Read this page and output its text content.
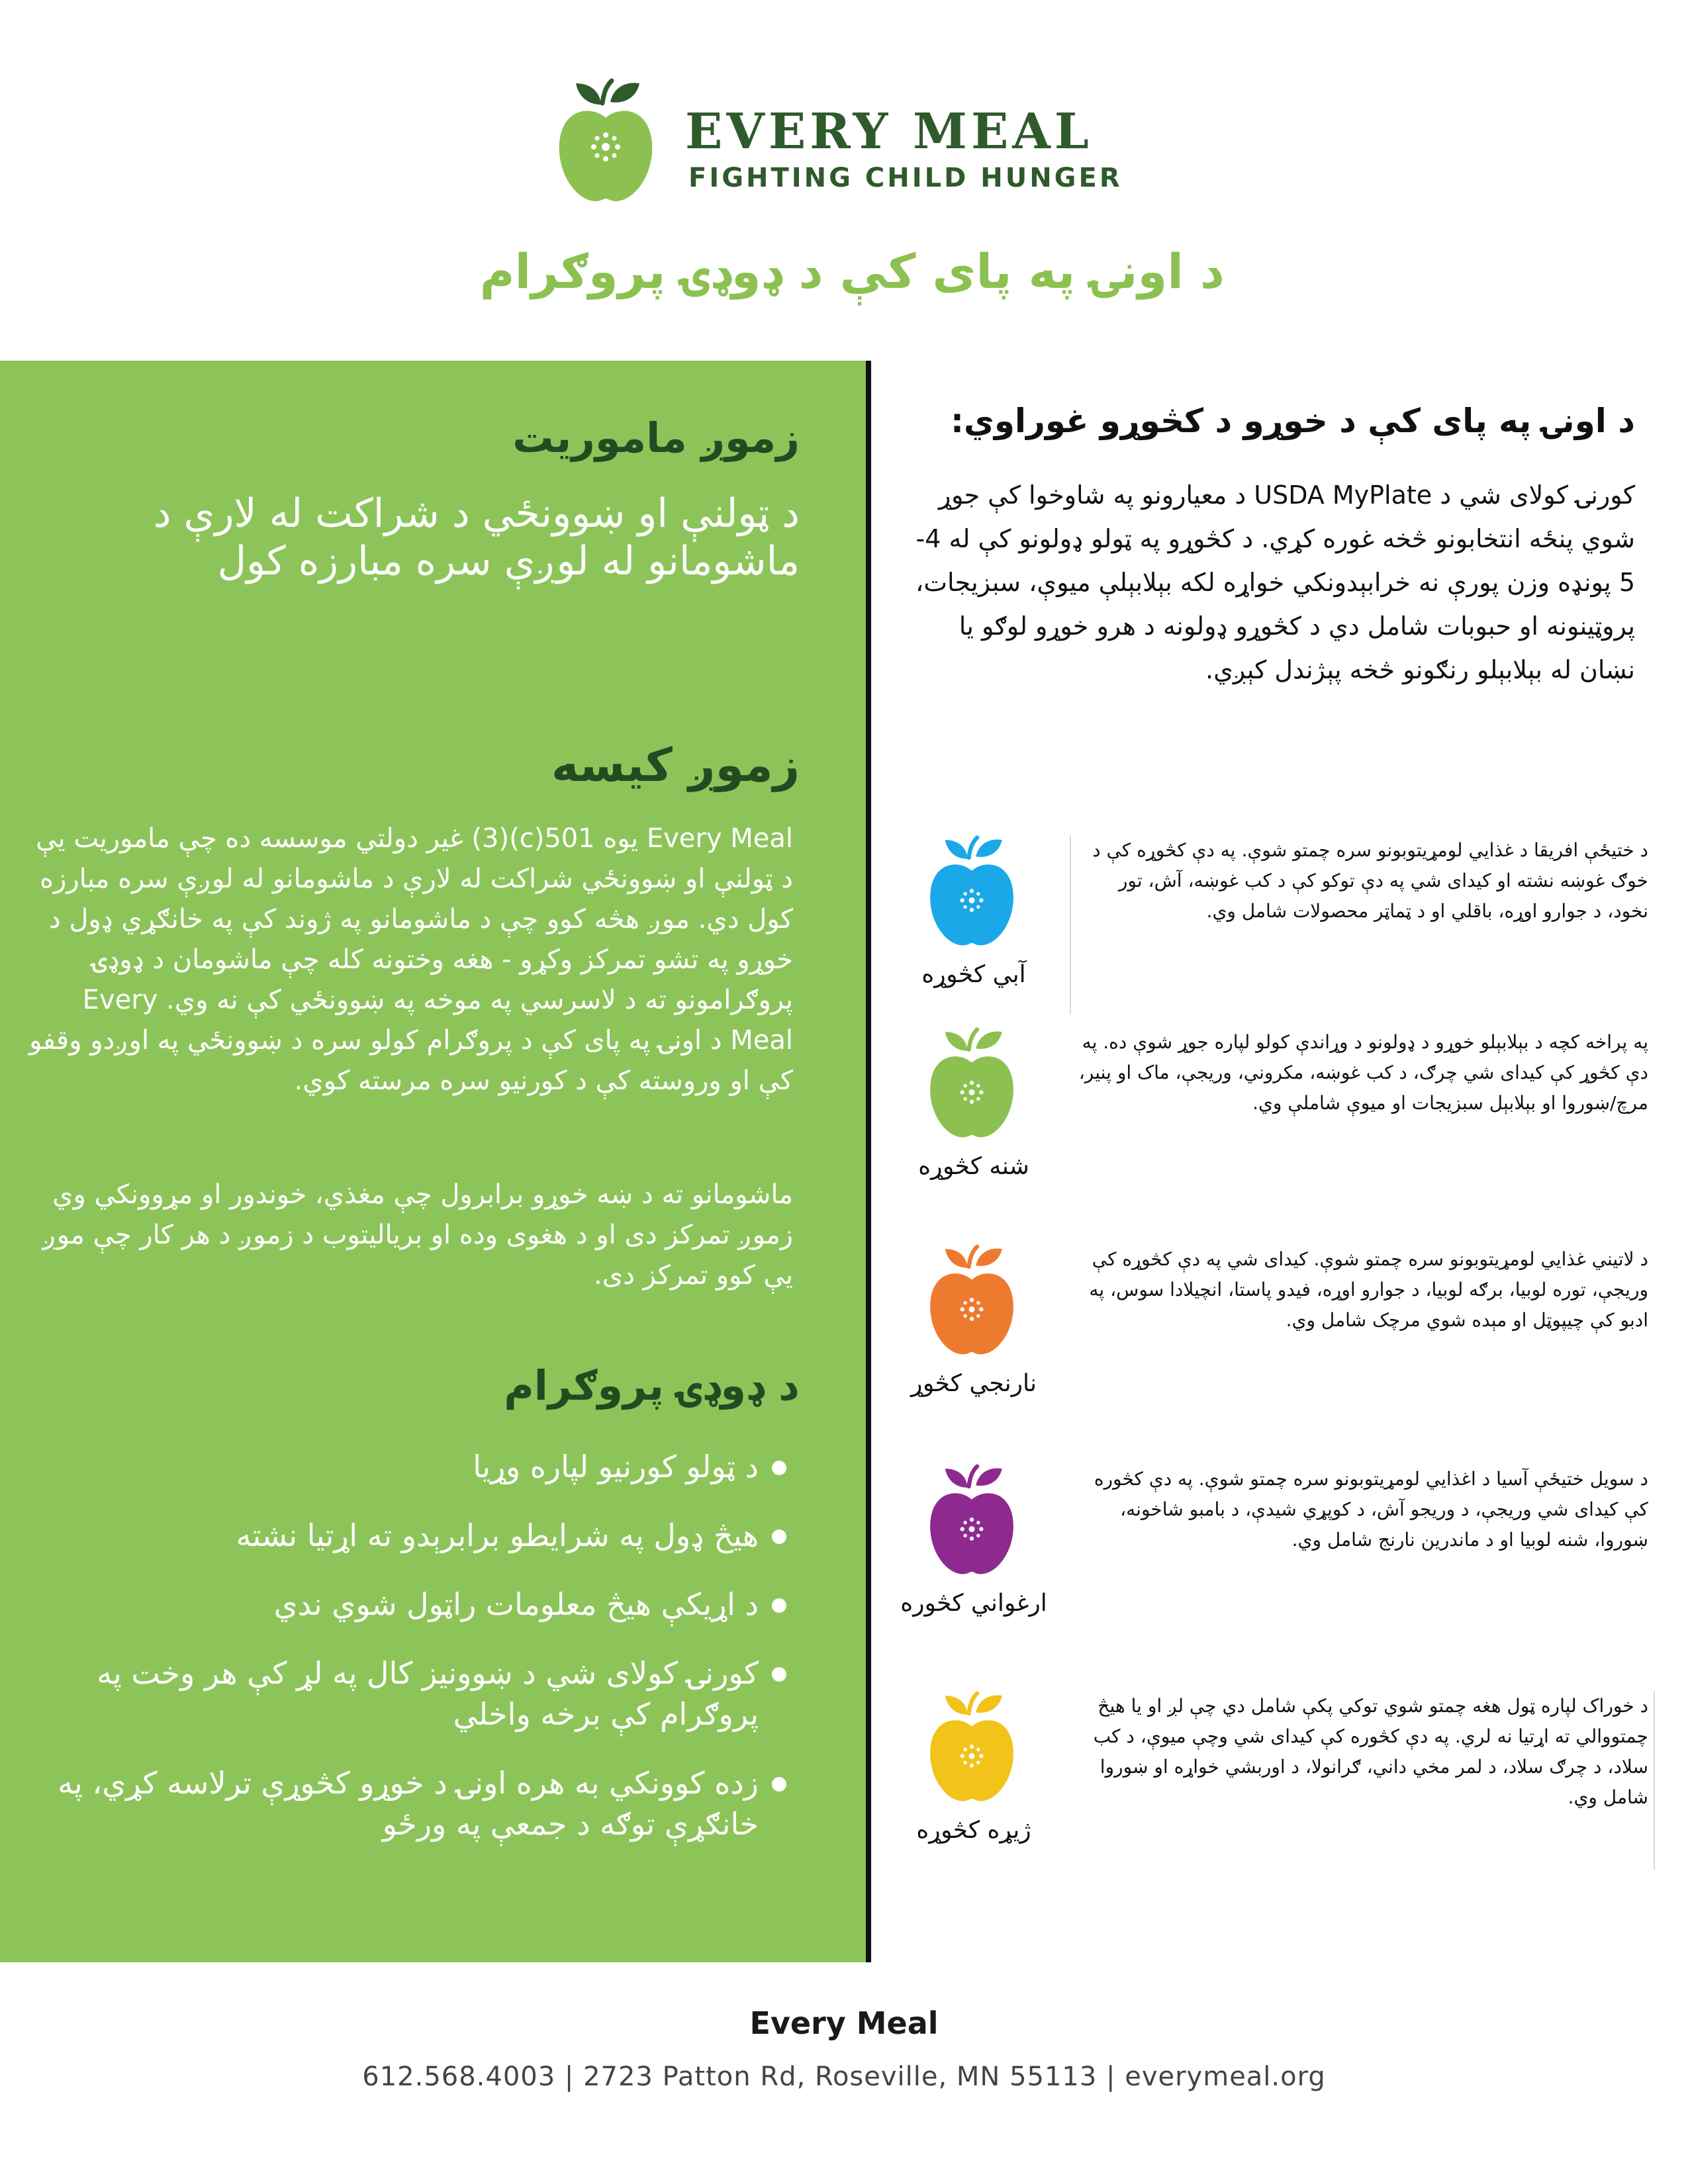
EVERY MEAL
FIGHTING CHILD HUNGER
د اونۍ په پای کې د ډوډۍ پروګرام
زموږ ماموریت
د ټولنې او ښوونځي د شراکت له لارې د ماشومانو له لوږې سره مبارزه کول
زموږ کیسه
Every Meal یوه 501(c)(3) غیر دولتي موسسه ده چې ماموریت یې د ټولنې او ښوونځي شراکت له لارې د ماشومانو له لوږې سره مبارزه کول دي. موږ هڅه کوو چې د ماشومانو په ژوند کې په خانګړي ډول د خوړو په تشو تمرکز وکړو - هغه وختونه کله چې ماشومان د ډوډۍ پروګرامونو ته د لاسرسي په موخه په ښوونځي کې نه وي. Every Meal د اونۍ په پای کې د پروګرام کولو سره د ښوونځي په اوږدو وقفو کې او وروسته کې د کورنیو سره مرسته کوي.
ماشومانو ته د ښه خوړو برابرول چې مغذي، خوندور او مړوونکي وي زموږ تمرکز دی او د هغوی وده او بریالیتوب د زموږ د هر کار چې موږ یې کوو تمرکز دی.
د ډوډۍ پروګرام
د ټولو کورنیو لپاره وړیا
هیڅ ډول په شرایطو برابرېدو ته اړتیا نشته
د اړیکې هیڅ معلومات راټول شوي ندي
کورنۍ کولای شي د ښوونیز کال په لړ کې هر وخت په پروګرام کې برخه واخلي
زده کوونکي به هره اونۍ د خوړو کڅوړې ترلاسه کړي، په خانګړې توګه د جمعې په ورځو
د اونۍ په پای کې د خوړو د کڅوړو غوراوي:
کورنۍ کولای شي د USDA MyPlate د معیارونو په شاوخوا کې جوړ شوي پنځه انتخابونو څخه غوره کړي. د کڅوړو په ټولو ډولونو کې له 4-5 پونډه وزن پورې نه خرابېدونکي خواړه لکه بېلابېلې میوې، سبزیجات، پروټینونه او حبوبات شامل دي د کڅوړو ډولونه د هرو خوړو لوګو یا نښان له بېلابېلو رنګونو څخه پېژندل کېږي.
آبي کڅوړه
د ختیځې افریقا د غذایي لومړیتوبونو سره چمتو شوې. په دې کڅوړه کې د خوګ غوښه نشته او کیدای شي په دې توکو کې د کب غوښه، آش، تور نخود، د جوارو اوړه، باقلي او د ټماټر محصولات شامل وي.
شنه کڅوړه
په پراخه کچه د بېلابېلو خوړو د ډولونو د وړاندې کولو لپاره جوړ شوې ده. په دې کڅوړ کې کیدای شي چرګ، د کب غوښه، مکروني، وریجې، ماک او پنیر، مرچ/ښوروا او بېلابېل سبزیجات او میوې شاملې وي.
نارنجي کڅوړ
د لاتیني غذایي لومړیتوبونو سره چمتو شوې. کیدای شي په دې کڅوړه کې وریجې، توره لوبیا، برګه لوبیا، د جوارو اوړه، فیدو پاستا، انچیلادا سوس، په ادبو کې چیپوټل او مېده شوي مرچک شامل وي.
ارغواني کڅوره
د سویل ختیځې آسیا د اغذایي لومړیتوبونو سره چمتو شوې. په دې کڅوره کې کیدای شي وریجې، د وریجو آش، د کوپړي شیدې، د بامبو شاخونه، ښوروا، شنه لوبیا او د ماندرین نارنج شامل وي.
ژیړه کڅوړه
د خوراک لپاره ټول هغه چمتو شوي توکي پکې شامل دي چې لږ او یا هیڅ چمتووالي ته اړتیا نه لري. په دې کڅوره کې کیدای شي وچې میوې، د کب سلاد، د چرګ سلاد، د لمر مخي داني، ګرانولا، د اوربشي خواړه او ښوروا شامل وي.
Every Meal
612.568.4003 | 2723 Patton Rd, Roseville, MN 55113 | everymeal.org
